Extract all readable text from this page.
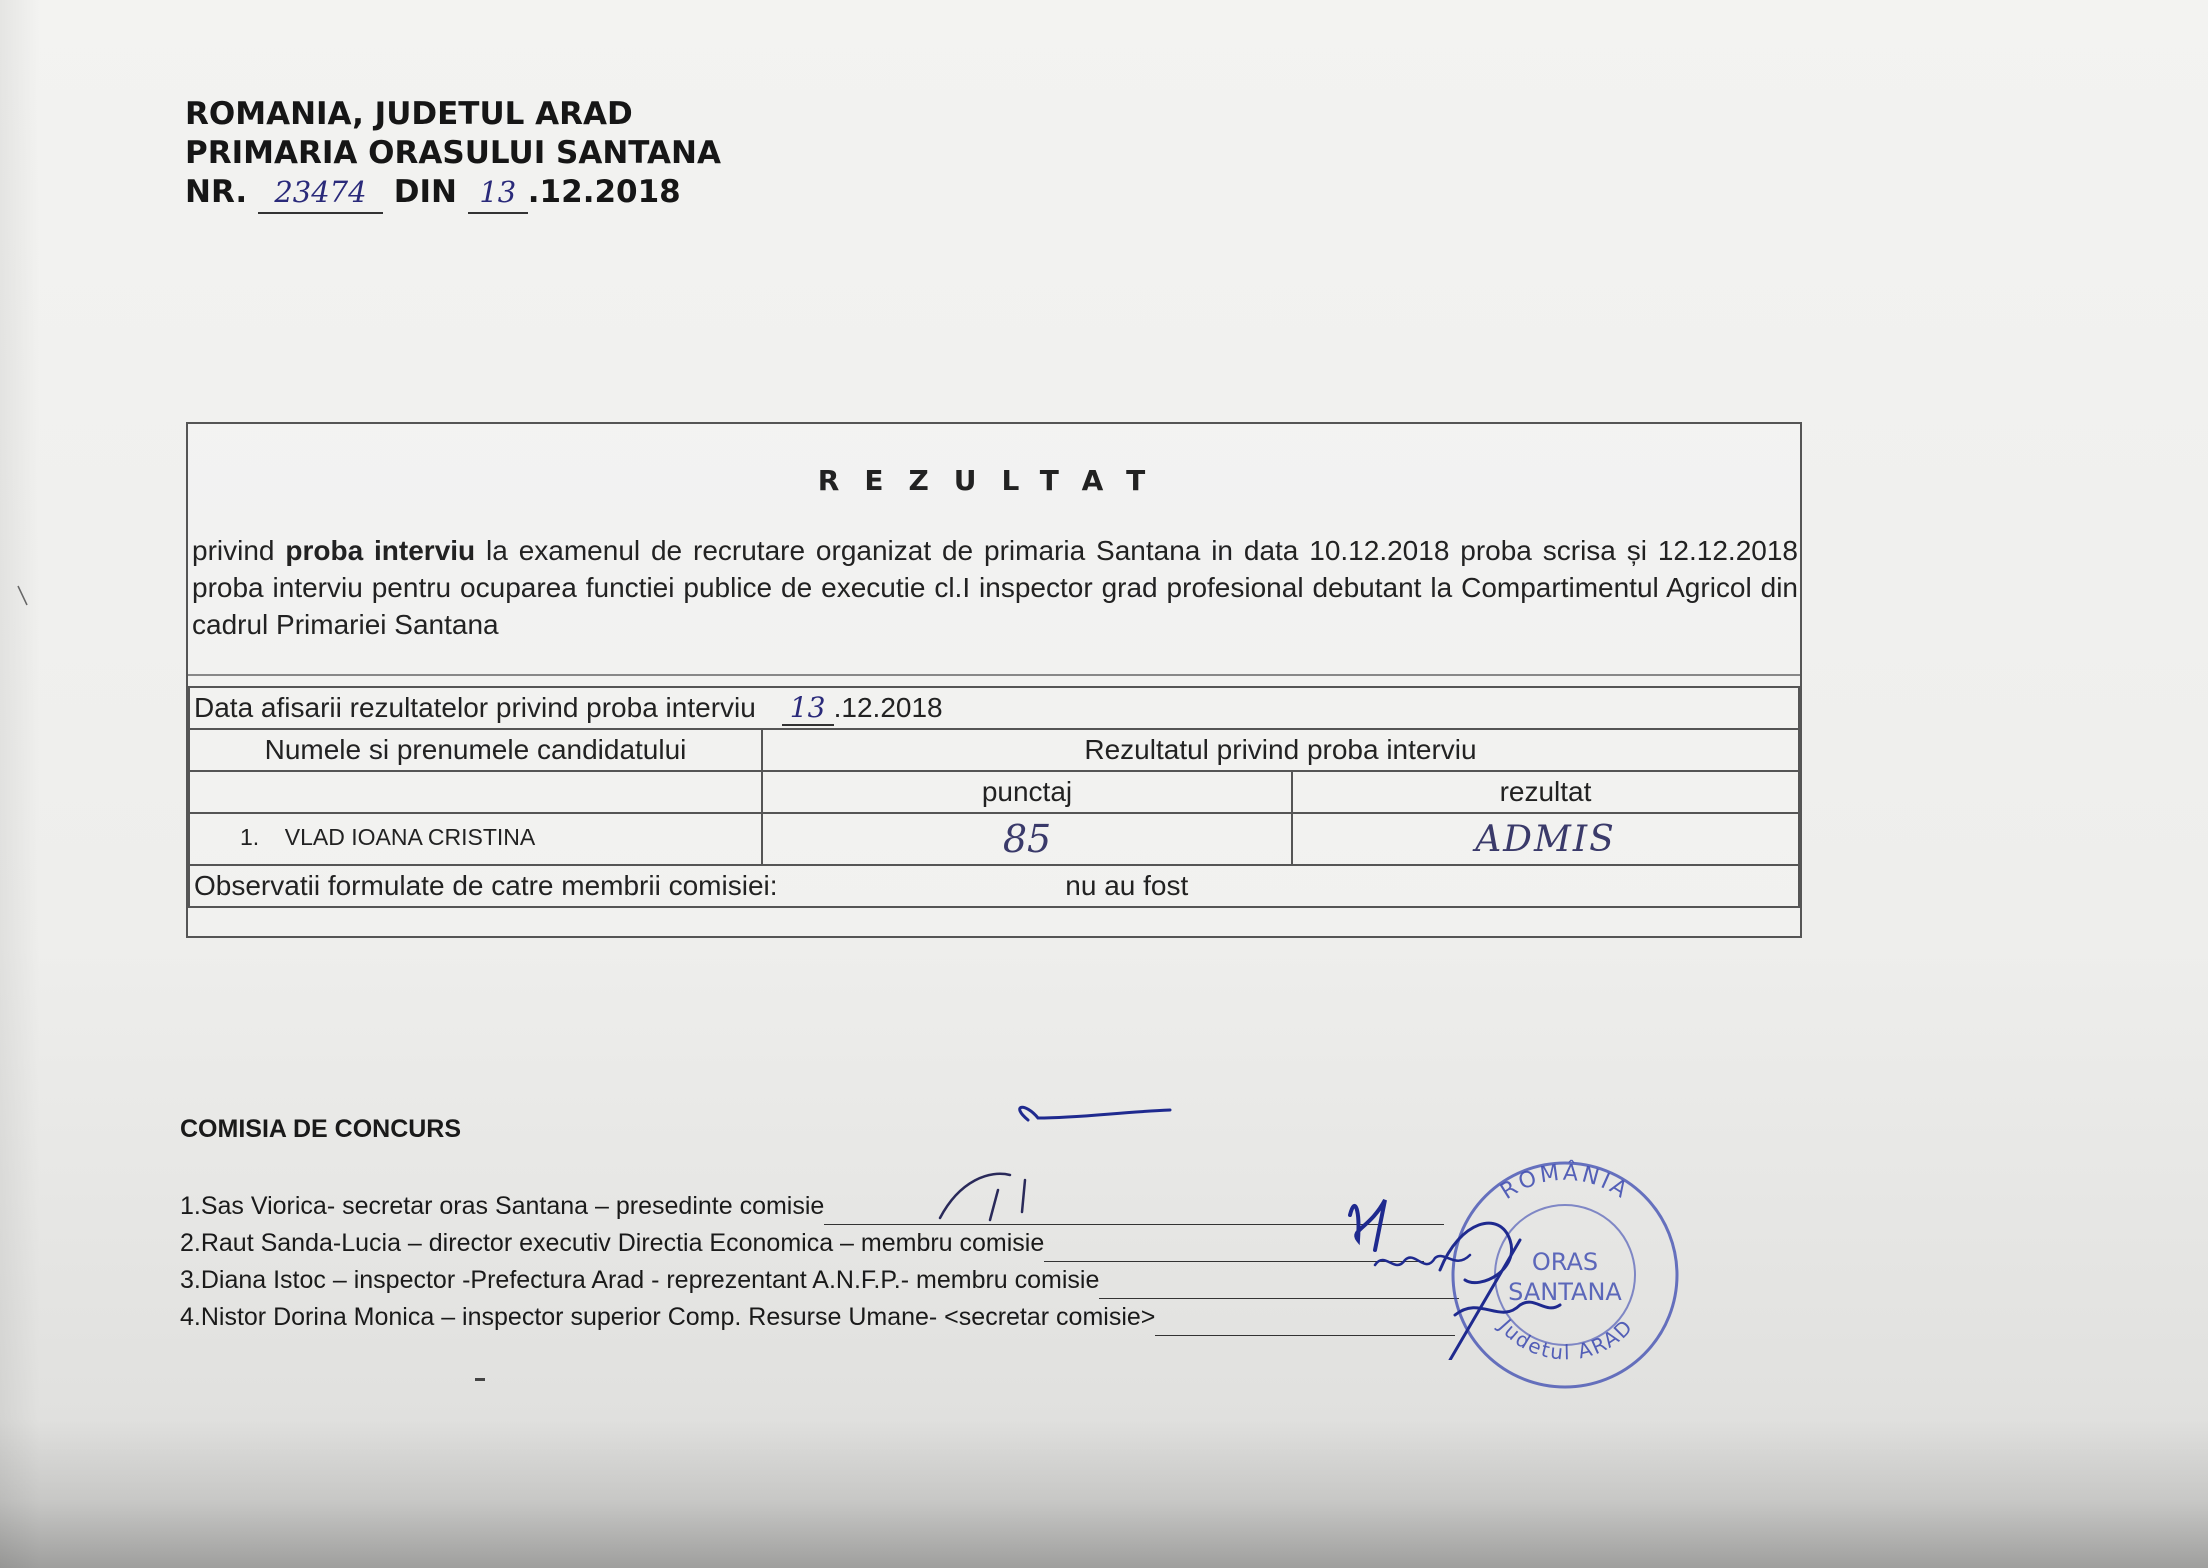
ROMANIA, JUDETUL ARAD
PRIMARIA ORASULUI SANTANA
NR. 23474 DIN 13 .12.2018
REZULTAT
privind proba interviu la examenul de recrutare organizat de primaria Santana in data 10.12.2018 proba scrisa și 12.12.2018 proba interviu pentru ocuparea functiei publice de executie cl.I inspector grad profesional debutant la Compartimentul Agricol din cadrul Primariei Santana
Data afisarii rezultatelor privind proba interviu 13 .12.2018		
Numele si prenumele candidatului	Rezultatul privind proba interviu	
	punctaj	rezultat
1. VLAD IOANA CRISTINA	85	ADMIS
Observatii formulate de catre membrii comisiei: nu au fost		
COMISIA DE CONCURS
1.Sas Viorica- secretar oras Santana – presedinte comisie
2.Raut Sanda-Lucia – director executiv Directia Economica – membru comisie
3.Diana Istoc – inspector -Prefectura Arad - reprezentant A.N.F.P.- membru comisie
4.Nistor Dorina Monica – inspector superior Comp. Resurse Umane- <secretar comisie>
ROMÂNIA
ORAS
SANTANA
Judetul ARAD
